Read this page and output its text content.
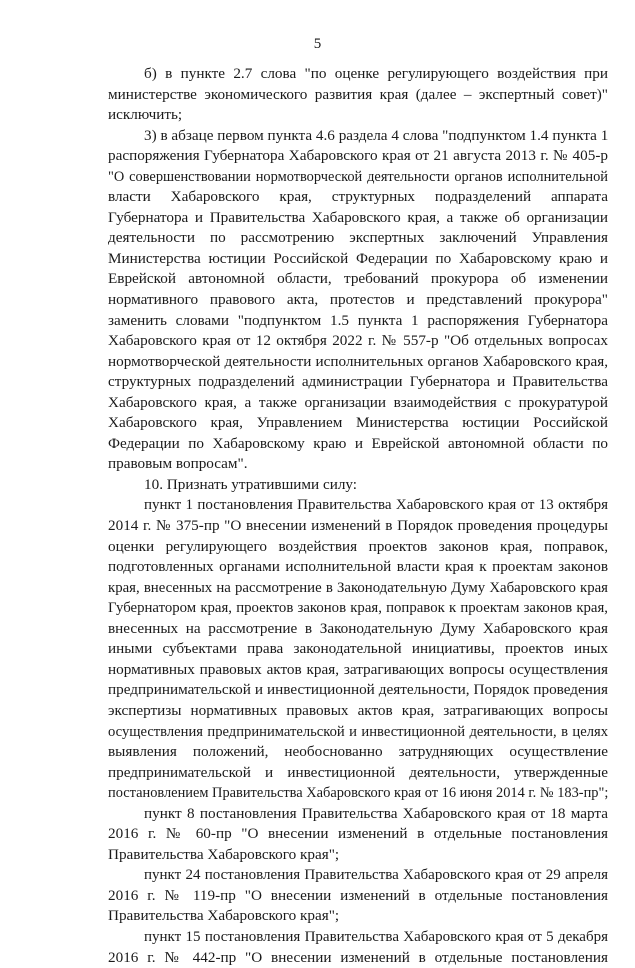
5
б) в пункте 2.7 слова "по оценке регулирующего воздействия при
министерстве экономического развития края (далее – экспертный совет)"
исключить;
3) в абзаце первом пункта 4.6 раздела 4 слова "подпунктом 1.4 пункта 1
распоряжения Губернатора Хабаровского края от 21 августа 2013 г. № 405-р
"О совершенствовании нормотворческой деятельности органов исполнительной
власти Хабаровского края, структурных подразделений аппарата
Губернатора и Правительства Хабаровского края, а также об организации
деятельности по рассмотрению экспертных заключений Управления
Министерства юстиции Российской Федерации по Хабаровскому краю и
Еврейской автономной области, требований прокурора об изменении
нормативного правового акта, протестов и представлений прокурора"
заменить словами "подпунктом 1.5 пункта 1 распоряжения Губернатора
Хабаровского края от 12 октября 2022 г. № 557-р "Об отдельных вопросах
нормотворческой деятельности исполнительных органов Хабаровского края,
структурных подразделений администрации Губернатора и Правительства
Хабаровского края, а также организации взаимодействия с прокуратурой
Хабаровского края, Управлением Министерства юстиции Российской
Федерации по Хабаровскому краю и Еврейской автономной области по
правовым вопросам".
10. Признать утратившими силу:
пункт 1 постановления Правительства Хабаровского края от 13 октября
2014 г. № 375-пр "О внесении изменений в Порядок проведения процедуры
оценки регулирующего воздействия проектов законов края, поправок,
подготовленных органами исполнительной власти края к проектам законов
края, внесенных на рассмотрение в Законодательную Думу Хабаровского края
Губернатором края, проектов законов края, поправок к проектам законов края,
внесенных на рассмотрение в Законодательную Думу Хабаровского края
иными субъектами права законодательной инициативы, проектов иных
нормативных правовых актов края, затрагивающих вопросы осуществления
предпринимательской и инвестиционной деятельности, Порядок проведения
экспертизы нормативных правовых актов края, затрагивающих вопросы
осуществления предпринимательской и инвестиционной деятельности, в целях
выявления положений, необоснованно затрудняющих осуществление
предпринимательской и инвестиционной деятельности, утвержденные
постановлением Правительства Хабаровского края от 16 июня 2014 г. № 183-пр";
пункт 8 постановления Правительства Хабаровского края от 18 марта
2016 г. № 60-пр "О внесении изменений в отдельные постановления
Правительства Хабаровского края";
пункт 24 постановления Правительства Хабаровского края от 29 апреля
2016 г. № 119-пр "О внесении изменений в отдельные постановления
Правительства Хабаровского края";
пункт 15 постановления Правительства Хабаровского края от 5 декабря
2016 г. № 442-пр "О внесении изменений в отдельные постановления
